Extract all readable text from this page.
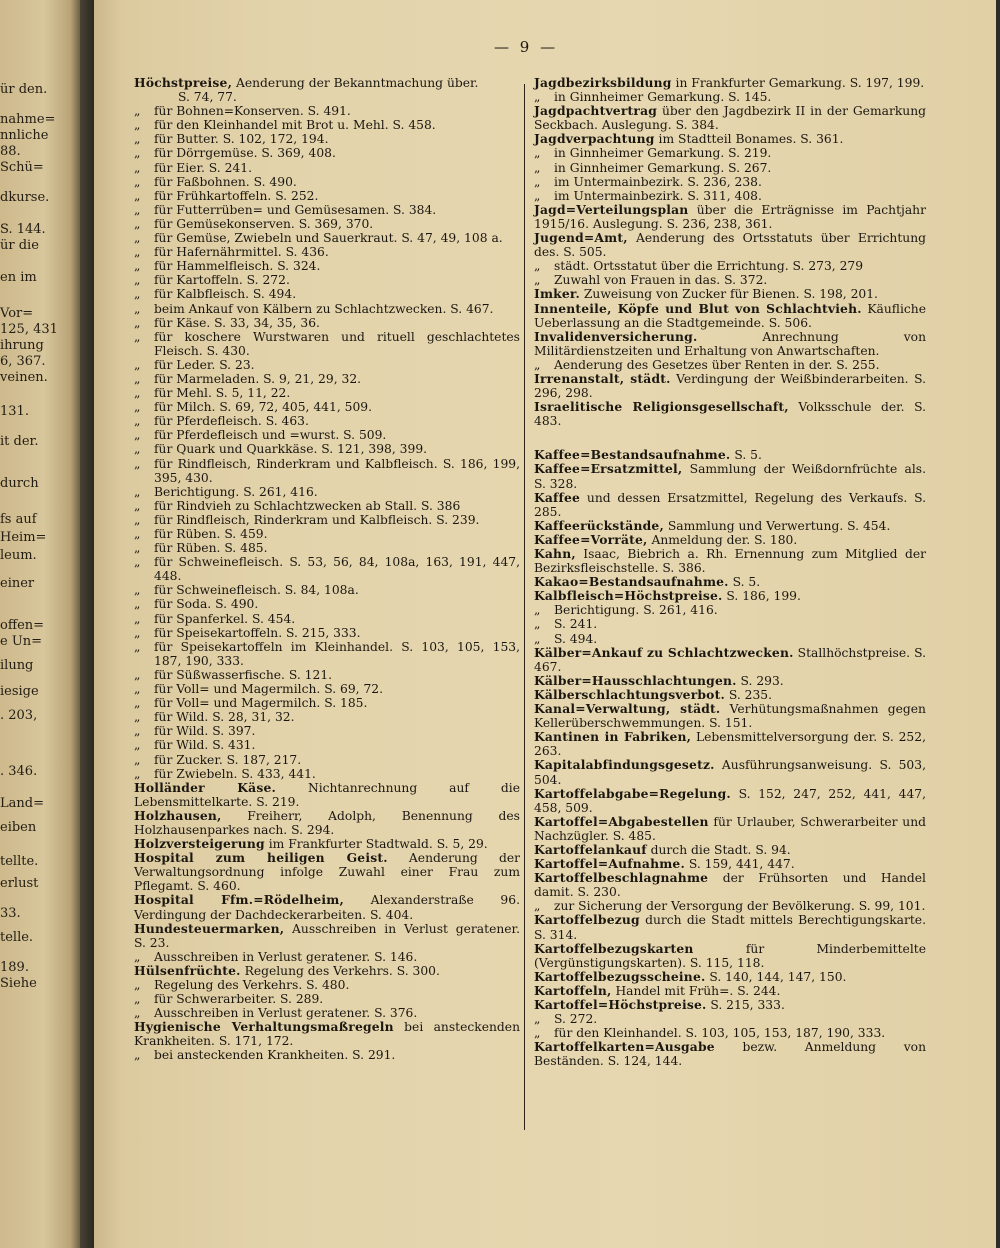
ür den.
nahme=
nnliche
88.
Schü=
dkurse.
S. 144.
ür die
en im
Vor=
125, 431
ihrung
6, 367.
veinen.
131.
it der.
durch
fs auf
Heim=
leum.
einer
offen=
e Un=
ilung
iesige
. 203,
. 346.
Land=
eiben
tellte.
erlust
33.
telle.
189.
Siehe
— 9 —
Höchstpreise, Aenderung der Bekanntmachung über.
S. 74, 77.
„ für Bohnen=Konserven. S. 491.
„ für den Kleinhandel mit Brot u. Mehl. S. 458.
„ für Butter. S. 102, 172, 194.
„ für Dörrgemüse. S. 369, 408.
„ für Eier. S. 241.
„ für Faßbohnen. S. 490.
„ für Frühkartoffeln. S. 252.
„ für Futterrüben= und Gemüsesamen. S. 384.
„ für Gemüsekonserven. S. 369, 370.
„ für Gemüse, Zwiebeln und Sauerkraut. S. 47, 49, 108 a.
„ für Hafernährmittel. S. 436.
„ für Hammelfleisch. S. 324.
„ für Kartoffeln. S. 272.
„ für Kalbfleisch. S. 494.
„ beim Ankauf von Kälbern zu Schlachtzwecken. S. 467.
„ für Käse. S. 33, 34, 35, 36.
„ für koschere Wurstwaren und rituell geschlachtetes Fleisch. S. 430.
„ für Leder. S. 23.
„ für Marmeladen. S. 9, 21, 29, 32.
„ für Mehl. S. 5, 11, 22.
„ für Milch. S. 69, 72, 405, 441, 509.
„ für Pferdefleisch. S. 463.
„ für Pferdefleisch und =wurst. S. 509.
„ für Quark und Quarkkäse. S. 121, 398, 399.
„ für Rindfleisch, Rinderkram und Kalbfleisch. S. 186, 199, 395, 430.
„ Berichtigung. S. 261, 416.
„ für Rindvieh zu Schlachtzwecken ab Stall. S. 386
„ für Rindfleisch, Rinderkram und Kalbfleisch. S. 239.
„ für Rüben. S. 459.
„ für Rüben. S. 485.
„ für Schweinefleisch. S. 53, 56, 84, 108a, 163, 191, 447, 448.
„ für Schweinefleisch. S. 84, 108a.
„ für Soda. S. 490.
„ für Spanferkel. S. 454.
„ für Speisekartoffeln. S. 215, 333.
„ für Speisekartoffeln im Kleinhandel. S. 103, 105, 153, 187, 190, 333.
„ für Süßwasserfische. S. 121.
„ für Voll= und Magermilch. S. 69, 72.
„ für Voll= und Magermilch. S. 185.
„ für Wild. S. 28, 31, 32.
„ für Wild. S. 397.
„ für Wild. S. 431.
„ für Zucker. S. 187, 217.
„ für Zwiebeln. S. 433, 441.
Holländer Käse.	Nichtanrechnung auf die Lebensmittelkarte. S. 219.
Holzhausen, Freiherr, Adolph, Benennung des Holzhausenparkes nach. S. 294.
Holzversteigerung im Frankfurter Stadtwald. S. 5, 29.
Hospital zum heiligen Geist. Aenderung der Verwaltungsordnung infolge Zuwahl einer Frau zum Pflegamt. S. 460.
Hospital Ffm.=Rödelheim, Alexanderstraße 96. Verdingung der Dachdeckerarbeiten. S. 404.
Hundesteuermarken, Ausschreiben in Verlust geratener. S. 23.
„ Ausschreiben in Verlust geratener. S. 146.
Hülsenfrüchte. Regelung des Verkehrs. S. 300.
„ Regelung des Verkehrs. S. 480.
„ für Schwerarbeiter. S. 289.
„ Ausschreiben in Verlust geratener. S. 376.
Hygienische Verhaltungsmaßregeln bei ansteckenden Krankheiten. S. 171, 172.
„ bei ansteckenden Krankheiten. S. 291.
Jagdbezirksbildung in Frankfurter Gemarkung. S. 197, 199.
„ in Ginnheimer Gemarkung. S. 145.
Jagdpachtvertrag über den Jagdbezirk II in der Gemarkung Seckbach. Auslegung. S. 384.
Jagdverpachtung im Stadtteil Bonames. S. 361.
„ in Ginnheimer Gemarkung. S. 219.
„ in Ginnheimer Gemarkung. S. 267.
„ im Untermainbezirk. S. 236, 238.
„ im Untermainbezirk. S. 311, 408.
Jagd=Verteilungsplan über die Erträgnisse im Pachtjahr 1915/16. Auslegung. S. 236, 238, 361.
Jugend=Amt, Aenderung des Ortsstatuts über Errichtung des. S. 505.
„ städt. Ortsstatut über die Errichtung. S. 273, 279
„ Zuwahl von Frauen in das. S. 372.
Imker. Zuweisung von Zucker für Bienen. S. 198, 201.
Innenteile, Köpfe und Blut von Schlachtvieh. Käufliche Ueberlassung an die Stadtgemeinde. S. 506.
Invalidenversicherung.	Anrechnung von Militärdienstzeiten und Erhaltung von Anwartschaften.
„ Aenderung des Gesetzes über Renten in der. S. 255.
Irrenanstalt, städt. Verdingung der Weißbinderarbeiten. S. 296, 298.
Israelitische Religionsgesellschaft, Volksschule der. S. 483.
Kaffee=Bestandsaufnahme. S. 5.
Kaffee=Ersatzmittel, Sammlung der Weißdornfrüchte als. S. 328.
Kaffee und dessen Ersatzmittel, Regelung des Verkaufs. S. 285.
Kaffeerückstände, Sammlung und Verwertung. S. 454.
Kaffee=Vorräte, Anmeldung der. S. 180.
Kahn, Isaac, Biebrich a. Rh. Ernennung zum Mitglied der Bezirksfleischstelle. S. 386.
Kakao=Bestandsaufnahme. S. 5.
Kalbfleisch=Höchstpreise. S. 186, 199.
„ Berichtigung. S. 261, 416.
„ S. 241.
„ S. 494.
Kälber=Ankauf zu Schlachtzwecken. Stallhöchstpreise. S. 467.
Kälber=Hausschlachtungen. S. 293.
Kälberschlachtungsverbot. S. 235.
Kanal=Verwaltung, städt. Verhütungsmaßnahmen gegen Kellerüberschwemmungen. S. 151.
Kantinen in Fabriken, Lebensmittelversorgung der. S. 252, 263.
Kapitalabfindungsgesetz. Ausführungsanweisung. S. 503, 504.
Kartoffelabgabe=Regelung. S. 152, 247, 252, 441, 447, 458, 509.
Kartoffel=Abgabestellen für Urlauber, Schwerarbeiter und Nachzügler. S. 485.
Kartoffelankauf durch die Stadt. S. 94.
Kartoffel=Aufnahme. S. 159, 441, 447.
Kartoffelbeschlagnahme der Frühsorten und Handel damit. S. 230.
„ zur Sicherung der Versorgung der Bevölkerung. S. 99, 101.
Kartoffelbezug durch die Stadt mittels Berechtigungskarte. S. 314.
Kartoffelbezugskarten	für Minderbemittelte (Vergünstigungskarten). S. 115, 118.
Kartoffelbezugsscheine. S. 140, 144, 147, 150.
Kartoffeln, Handel mit Früh=. S. 244.
Kartoffel=Höchstpreise. S. 215, 333.
„ S. 272.
„ für den Kleinhandel. S. 103, 105, 153, 187, 190, 333.
Kartoffelkarten=Ausgabe bezw. Anmeldung von Beständen. S. 124, 144.
